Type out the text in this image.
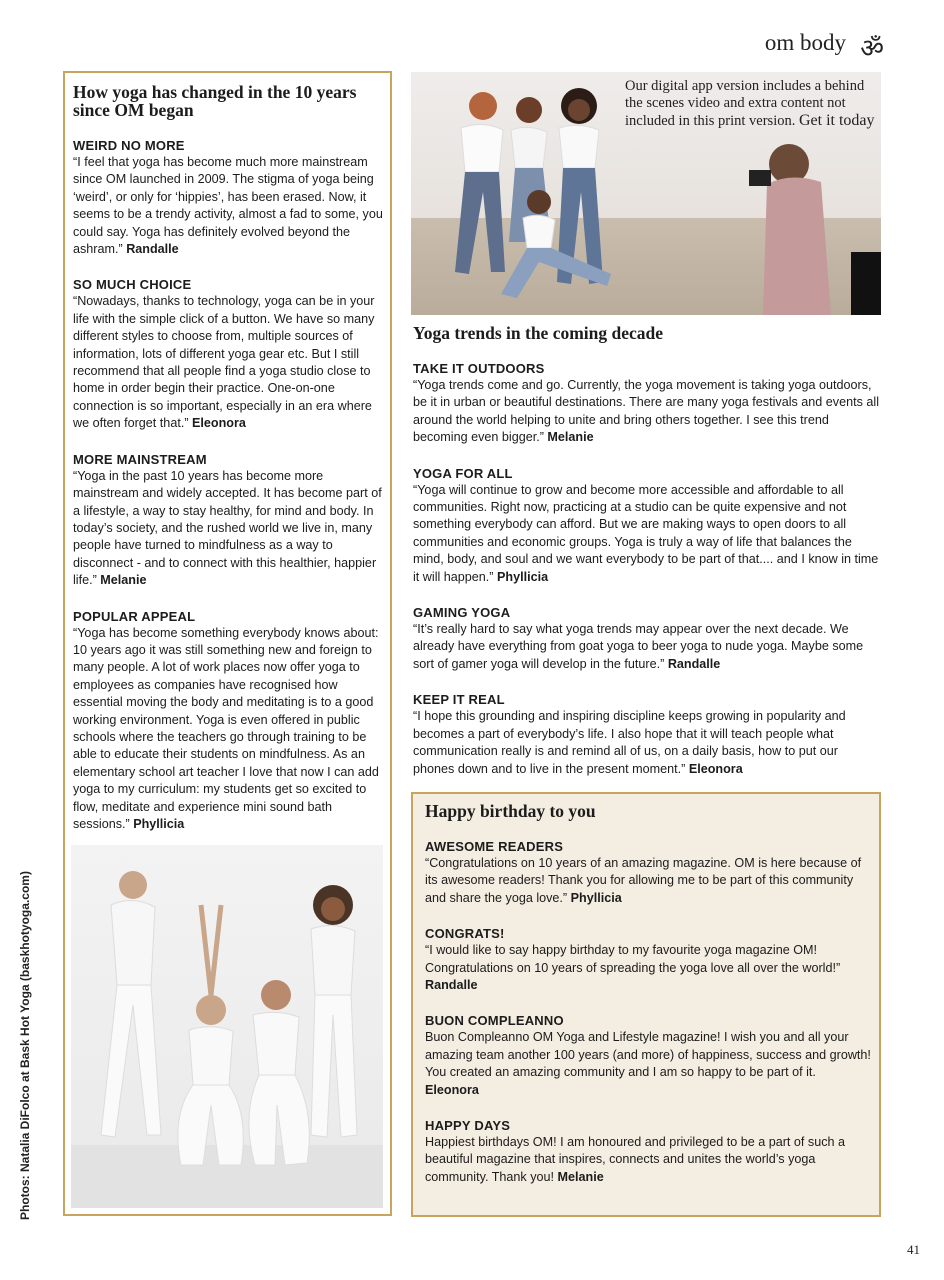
om body ॐ
Photos: Natalia DiFolco at Bask Hot Yoga (baskhotyoga.com)
How yoga has changed in the 10 years since OM began

WEIRD NO MORE

“I feel that yoga has become much more mainstream since OM launched in 2009. The stigma of yoga being ‘weird’, or only for ‘hippies’, has been erased. Now, it seems to be a trendy activity, almost a fad to some, you could say. Yoga has definitely evolved beyond the ashram.” Randalle

SO MUCH CHOICE

“Nowadays, thanks to technology, yoga can be in your life with the simple click of a button. We have so many different styles to choose from, multiple sources of information, lots of different yoga gear etc. But I still recommend that all people find a yoga studio close to home in order begin their practice. One-on-one connection is so important, especially in an era where we often forget that.” Eleonora

MORE MAINSTREAM

“Yoga in the past 10 years has become more mainstream and widely accepted. It has become part of a lifestyle, a way to stay healthy, for mind and body. In today’s society, and the rushed world we live in, many people have turned to mindfulness as a way to disconnect - and to connect with this healthier, happier life.” Melanie

POPULAR APPEAL

“Yoga has become something everybody knows about: 10 years ago it was still something new and foreign to many people. A lot of work places now offer yoga to employees as companies have recognised how essential moving the body and meditating is to a good working environment. Yoga is even offered in public schools where the teachers go through training to be able to educate their students on mindfulness. As an elementary school art teacher I love that now I can add yoga to my curriculum: my students get so excited to flow, meditate and experience mini sound bath sessions.” Phyllicia

Our digital app version includes a behind the scenes video and extra content not included in this print version. Get it today
Yoga trends in the coming decade

TAKE IT OUTDOORS

“Yoga trends come and go. Currently, the yoga movement is taking yoga outdoors, be it in urban or beautiful destinations. There are many yoga festivals and events all around the world helping to unite and bring others together. I see this trend becoming even bigger.” Melanie

YOGA FOR ALL

“Yoga will continue to grow and become more accessible and affordable to all communities. Right now, practicing at a studio can be quite expensive and not something everybody can afford. But we are making ways to open doors to all communities and economic groups. Yoga is truly a way of life that balances the mind, body, and soul and we want everybody to be part of that.... and I know in time it will happen.” Phyllicia

GAMING YOGA

“It’s really hard to say what yoga trends may appear over the next decade. We already have everything from goat yoga to beer yoga to nude yoga. Maybe some sort of gamer yoga will develop in the future.” Randalle

KEEP IT REAL

“I hope this grounding and inspiring discipline keeps growing in popularity and becomes a part of everybody’s life. I also hope that it will teach people what communication really is and remind all of us, on a daily basis, how to put our phones down and to live in the present moment.” Eleonora

Happy birthday to you

AWESOME READERS

“Congratulations on 10 years of an amazing magazine. OM is here because of its awesome readers! Thank you for allowing me to be part of this community and share the yoga love.” Phyllicia

CONGRATS!

“I would like to say happy birthday to my favourite yoga magazine OM! Congratulations on 10 years of spreading the yoga love all over the world!” Randalle

BUON COMPLEANNO

Buon Compleanno OM Yoga and Lifestyle magazine! I wish you and all your amazing team another 100 years (and more) of happiness, success and growth! You created an amazing community and I am so happy to be part of it. Eleonora

HAPPY DAYS

Happiest birthdays OM! I am honoured and privileged to be a part of such a beautiful magazine that inspires, connects and unites the world’s yoga community. Thank you! Melanie

41
